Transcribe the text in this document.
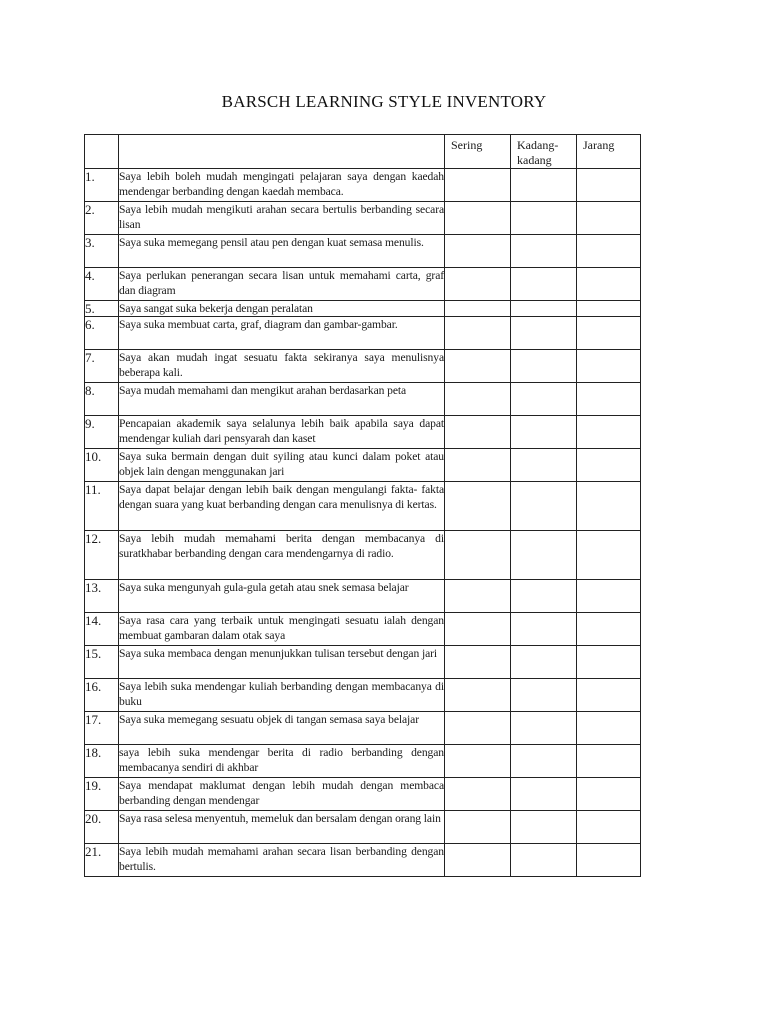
BARSCH LEARNING STYLE INVENTORY
		Sering	Kadang-kadang	Jarang
1.	Saya lebih boleh mudah mengingati pelajaran saya dengan kaedah mendengar berbanding dengan kaedah membaca.			
2.	Saya lebih mudah mengikuti arahan secara bertulis berbanding secara lisan			
3.	Saya suka memegang pensil atau pen dengan kuat semasa menulis.			
4.	Saya perlukan penerangan secara lisan untuk memahami carta, graf dan diagram			
5.	Saya sangat suka bekerja dengan peralatan			
6.	Saya suka membuat carta, graf, diagram dan gambar-gambar.			
7.	Saya akan mudah ingat sesuatu fakta sekiranya saya menulisnya beberapa kali.			
8.	Saya mudah memahami dan mengikut arahan berdasarkan peta			
9.	Pencapaian akademik saya selalunya lebih baik apabila saya dapat mendengar kuliah dari pensyarah dan kaset			
10.	Saya suka bermain dengan duit syiling atau kunci dalam poket atau objek lain dengan menggunakan jari			
11.	Saya dapat belajar dengan lebih baik dengan mengulangi fakta- fakta dengan suara yang kuat berbanding dengan cara menulisnya di kertas.			
12.	Saya lebih mudah memahami berita dengan membacanya di suratkhabar berbanding dengan cara mendengarnya di radio.			
13.	Saya suka mengunyah gula-gula getah atau snek semasa belajar			
14.	Saya rasa cara yang terbaik untuk mengingati sesuatu ialah dengan membuat gambaran dalam otak saya			
15.	Saya suka membaca dengan menunjukkan tulisan tersebut dengan jari			
16.	Saya lebih suka mendengar kuliah berbanding dengan membacanya di buku			
17.	Saya suka memegang sesuatu objek di tangan semasa saya belajar			
18.	saya lebih suka mendengar berita di radio berbanding dengan membacanya sendiri di akhbar			
19.	Saya mendapat maklumat dengan lebih mudah dengan membaca berbanding dengan mendengar			
20.	Saya rasa selesa menyentuh, memeluk dan bersalam dengan orang lain			
21.	Saya lebih mudah memahami arahan secara lisan berbanding dengan bertulis.			
